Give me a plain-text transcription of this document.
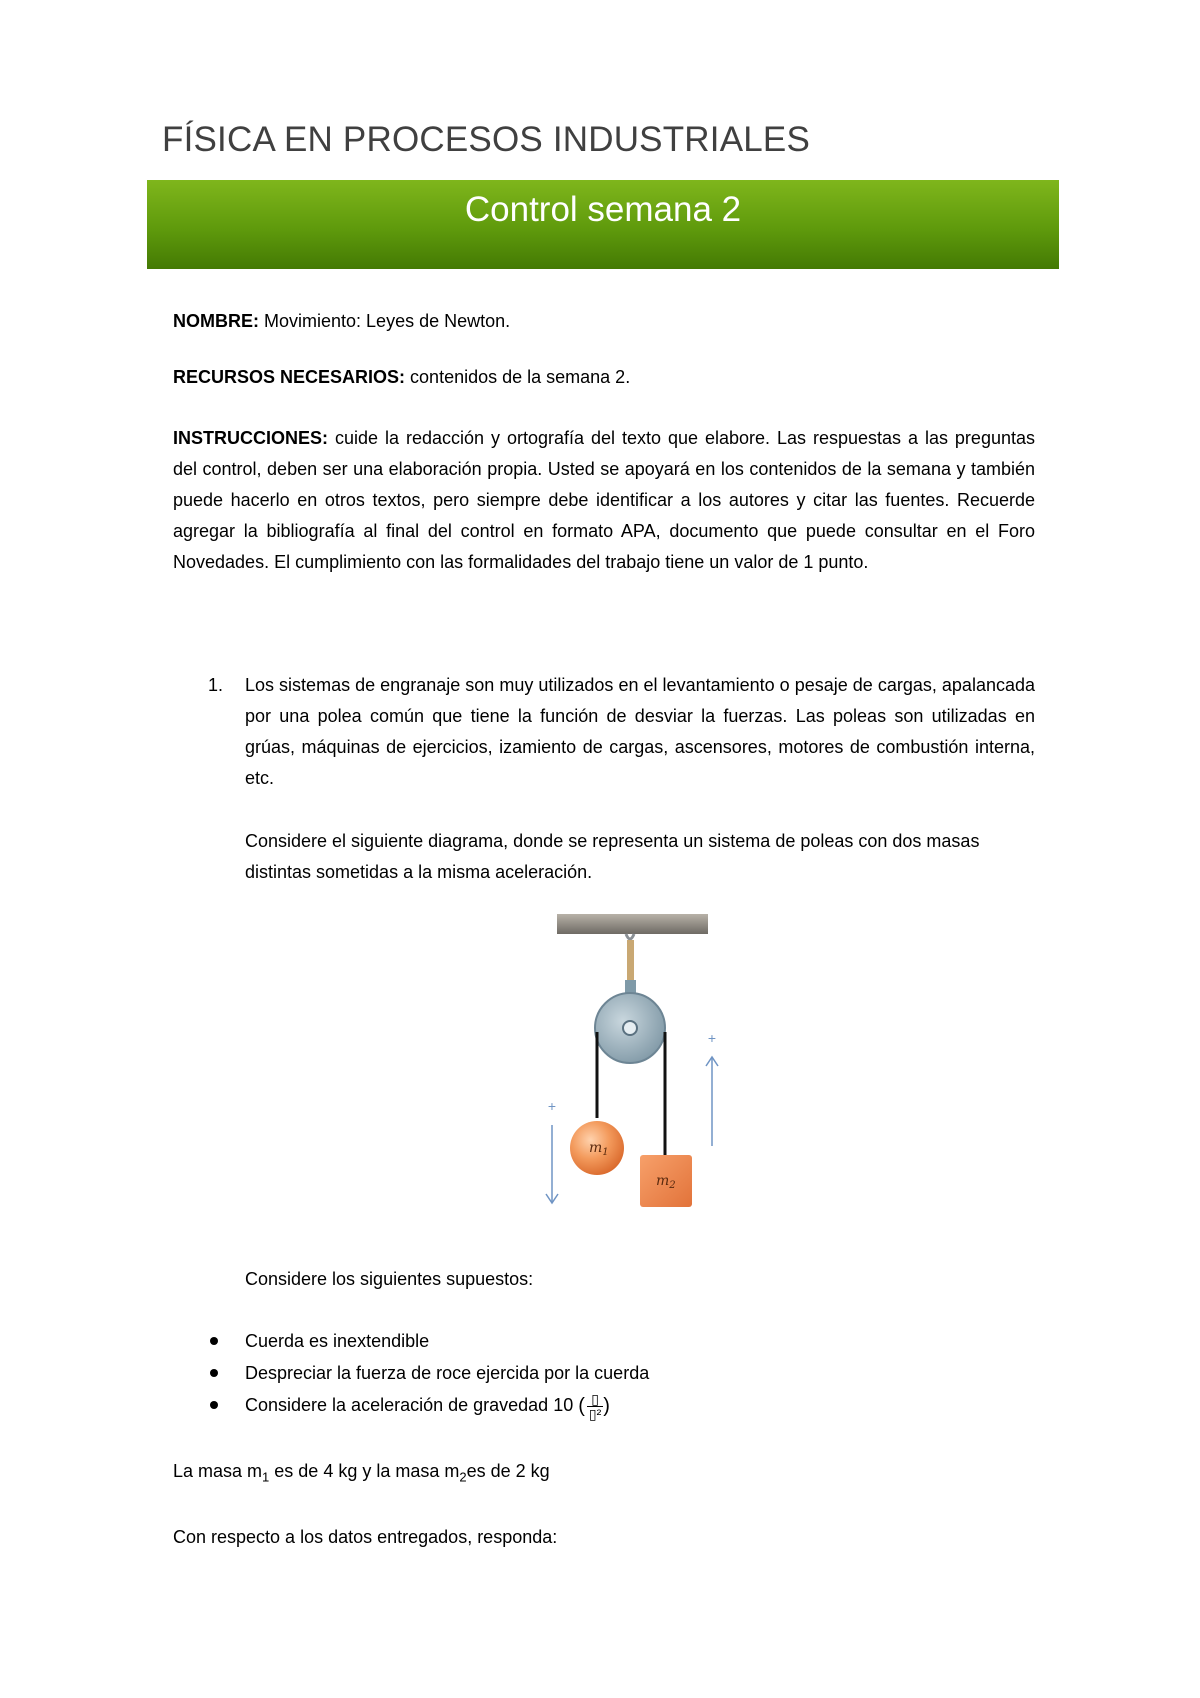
FÍSICA EN PROCESOS INDUSTRIALES
Control semana 2
NOMBRE: Movimiento: Leyes de Newton.
RECURSOS NECESARIOS: contenidos de la semana 2.
INSTRUCCIONES: cuide la redacción y ortografía del texto que elabore. Las respuestas a las preguntas del control, deben ser una elaboración propia. Usted se apoyará en los contenidos de la semana y también puede hacerlo en otros textos, pero siempre debe identificar a los autores y citar las fuentes. Recuerde agregar la bibliografía al final del control en formato APA, documento que puede consultar en el Foro Novedades. El cumplimiento con las formalidades del trabajo tiene un valor de 1 punto.
1. Los sistemas de engranaje son muy utilizados en el levantamiento o pesaje de cargas, apalancada por una polea común que tiene la función de desviar la fuerzas. Las poleas son utilizadas en grúas, máquinas de ejercicios, izamiento de cargas, ascensores, motores de combustión interna, etc.
Considere el siguiente diagrama, donde se representa un sistema de poleas con dos masas distintas sometidas a la misma aceleración.
$m_1$
$m_2$
+
+
Considere los siguientes supuestos:
Cuerda es inextendible
Despreciar la fuerza de roce ejercida por la cuerda
Considere la aceleración de gravedad 10 ( $\frac{▯}{\text{▯²}}$ )
La masa $m_1$ es de 4 kg y la masa $m_2es$ de 2 kg
Con respecto a los datos entregados, responda:
